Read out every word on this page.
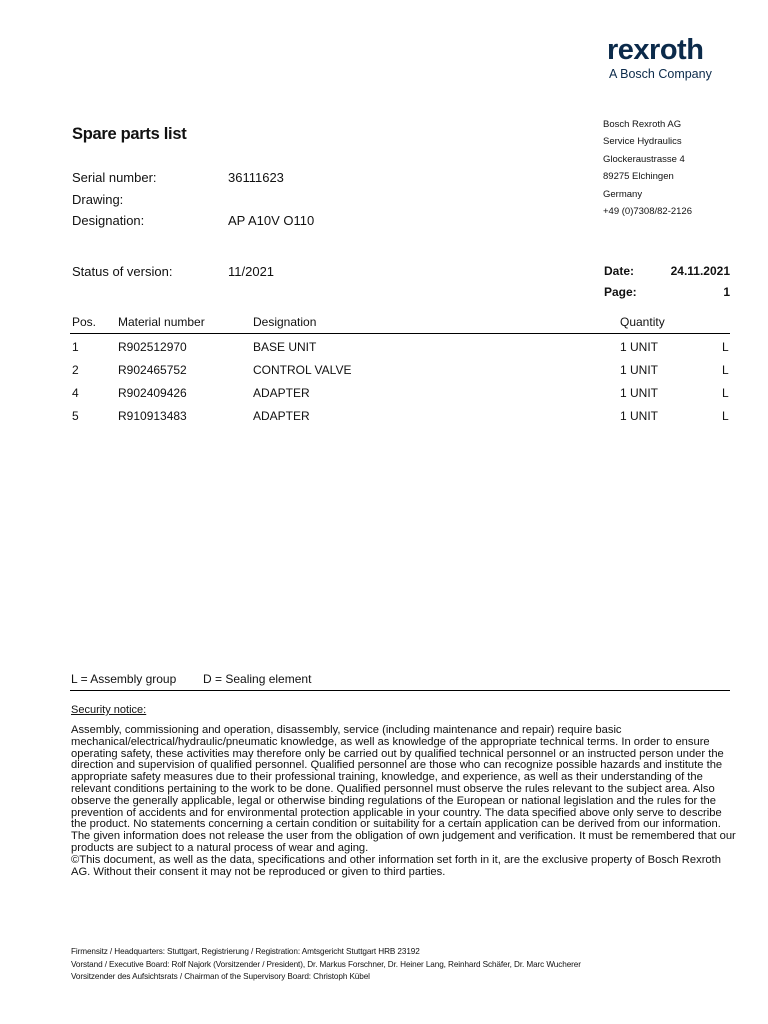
rexroth
A Bosch Company
Spare parts list
Bosch Rexroth AG
Service Hydraulics
Glockeraustrasse 4
89275 Elchingen
Germany
+49 (0)7308/82-2126
Serial number:	36111623
Drawing:
Designation:	AP A10V O110
Status of version:	11/2021	Date:	24.11.2021
Page:	1
Pos. Material number	Designation	Quantity
1	R902512970	BASE UNIT	1 UNIT	L
2	R902465752	CONTROL VALVE	1 UNIT	L
4	R902409426	ADAPTER	1 UNIT	L
5	R910913483	ADAPTER	1 UNIT	L
L = Assembly group D = Sealing element
Security notice:

Assembly, commissioning and operation, disassembly, service (including maintenance and repair) require basic mechanical/electrical/hydraulic/pneumatic knowledge, as well as knowledge of the appropriate technical terms. In order to ensure operating safety, these activities may therefore only be carried out by qualified technical personnel or an instructed person under the direction and supervision of qualified personnel. Qualified personnel are those who can recognize possible hazards and institute the appropriate safety measures due to their professional training, knowledge, and experience, as well as their understanding of the relevant conditions pertaining to the work to be done. Qualified personnel must observe the rules relevant to the subject area. Also observe the generally applicable, legal or otherwise binding regulations of the European or national legislation and the rules for the prevention of accidents and for environmental protection applicable in your country. The data specified above only serve to describe the product. No statements concerning a certain condition or suitability for a certain application can be derived from our information. The given information does not release the user from the obligation of own judgement and verification. It must be remembered that our products are subject to a natural process of wear and aging.

©This document, as well as the data, specifications and other information set forth in it, are the exclusive property of Bosch Rexroth AG. Without their consent it may not be reproduced or given to third parties.

Firmensitz / Headquarters: Stuttgart, Registrierung / Registration: Amtsgericht Stuttgart HRB 23192
Vorstand / Executive Board: Rolf Najork (Vorsitzender / President), Dr. Markus Forschner, Dr. Heiner Lang, Reinhard Schäfer, Dr. Marc Wucherer
Vorsitzender des Aufsichtsrats / Chairman of the Supervisory Board: Christoph Kübel
